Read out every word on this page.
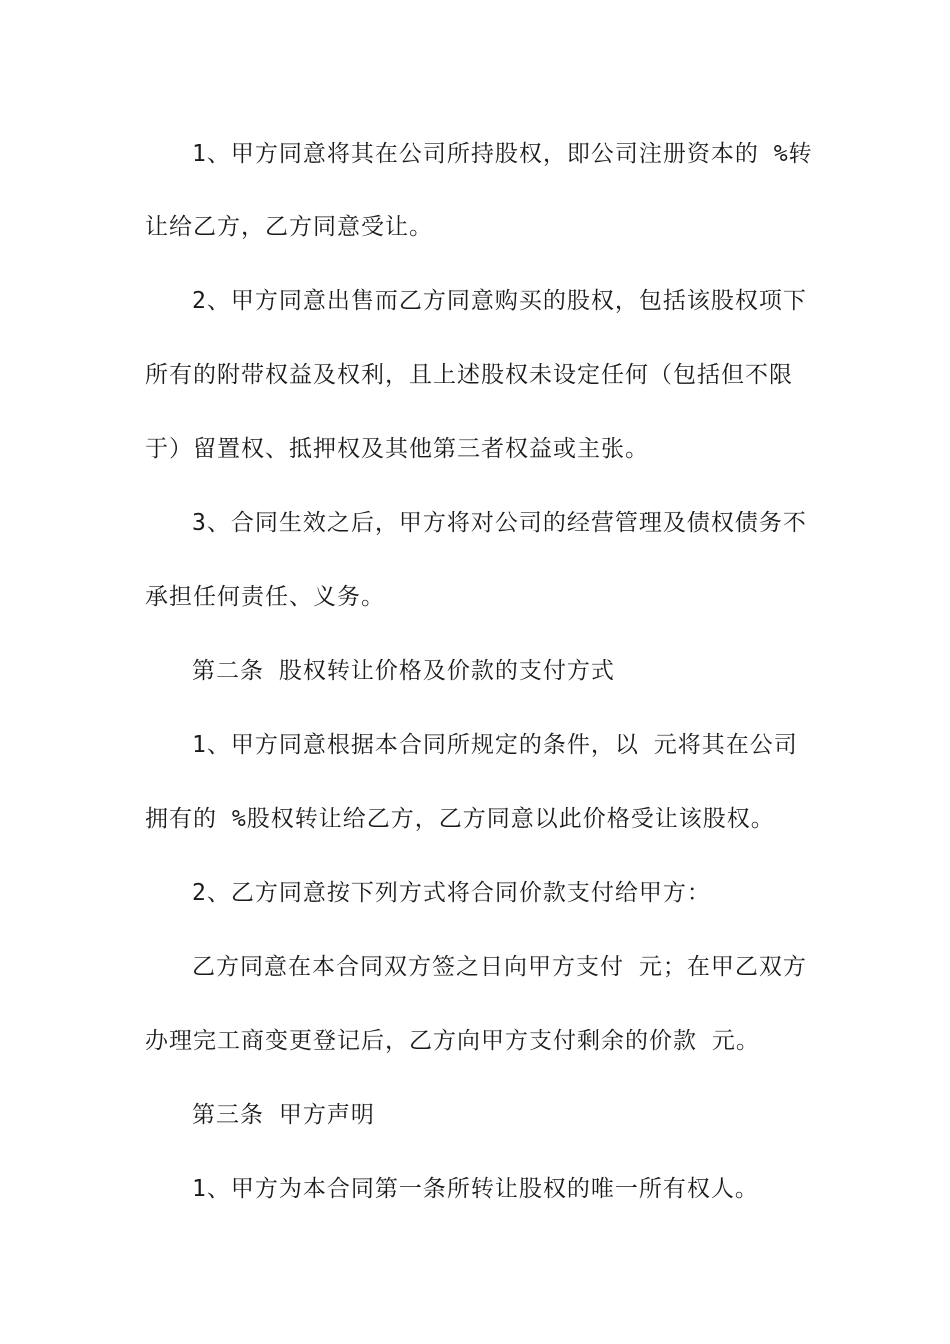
1、甲方同意将其在公司所持股权，即公司注册资本的 %转
让给乙方，乙方同意受让。
2、甲方同意出售而乙方同意购买的股权，包括该股权项下
所有的附带权益及权利，且上述股权未设定任何（包括但不限
于）留置权、抵押权及其他第三者权益或主张。
3、合同生效之后，甲方将对公司的经营管理及债权债务不
承担任何责任、义务。
第二条 股权转让价格及价款的支付方式
1、甲方同意根据本合同所规定的条件，以 元将其在公司
拥有的 %股权转让给乙方，乙方同意以此价格受让该股权。
2、乙方同意按下列方式将合同价款支付给甲方：
乙方同意在本合同双方签之日向甲方支付 元；在甲乙双方
办理完工商变更登记后，乙方向甲方支付剩余的价款 元。
第三条 甲方声明
1、甲方为本合同第一条所转让股权的唯一所有权人。
